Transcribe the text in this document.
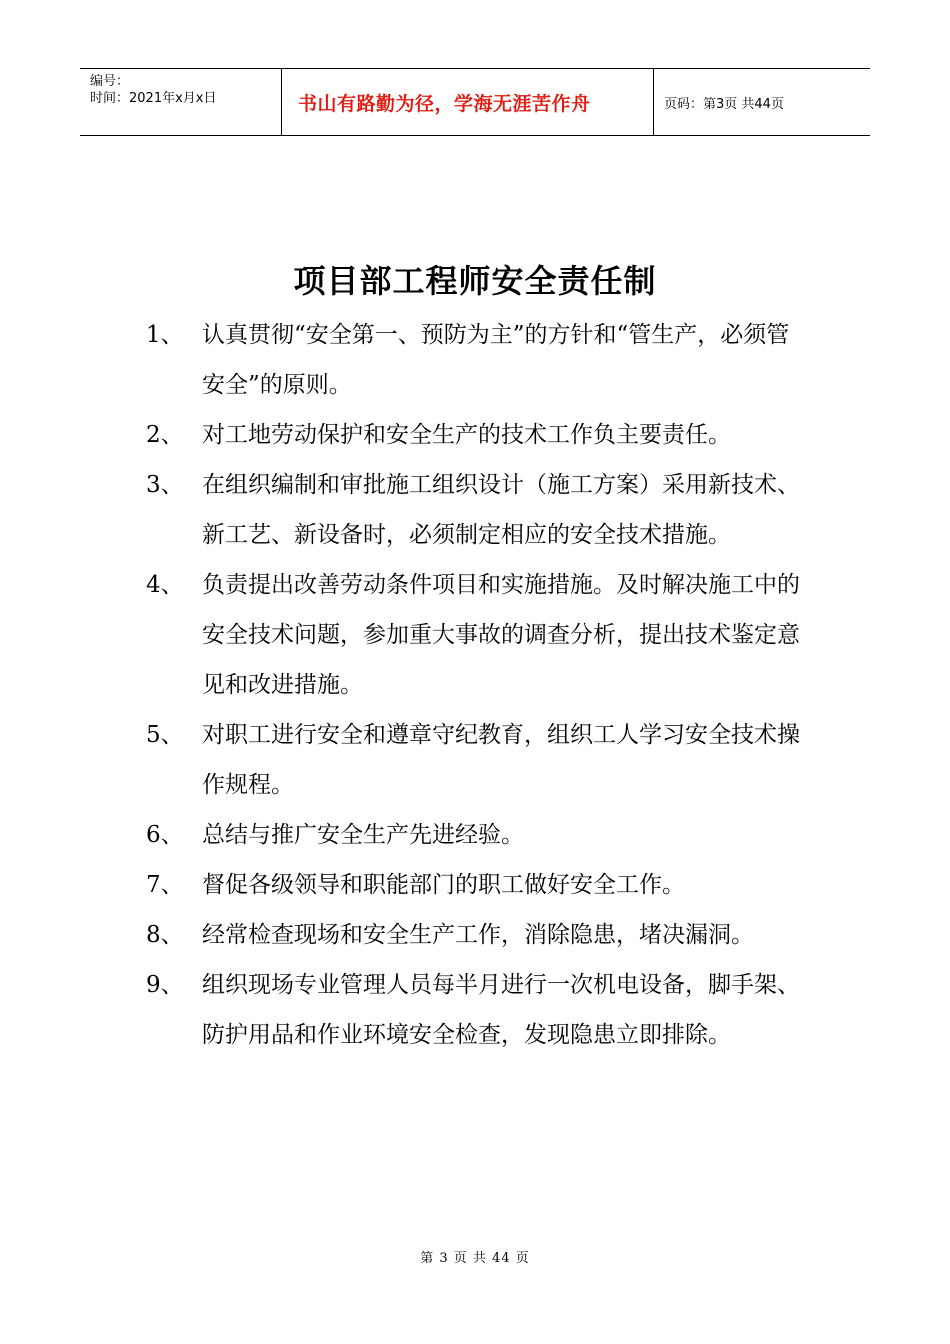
编号：
时间：2021年x月x日	书山有路勤为径，学海无涯苦作舟	页码：第3页 共44页
项目部工程师安全责任制
1、 认真贯彻“安全第一、预防为主”的方针和“管生产，必须管安全”的原则。
2、 对工地劳动保护和安全生产的技术工作负主要责任。
3、 在组织编制和审批施工组织设计（施工方案）采用新技术、新工艺、新设备时，必须制定相应的安全技术措施。
4、 负责提出改善劳动条件项目和实施措施。及时解决施工中的安全技术问题，参加重大事故的调查分析，提出技术鉴定意见和改进措施。
5、 对职工进行安全和遵章守纪教育，组织工人学习安全技术操作规程。
6、 总结与推广安全生产先进经验。
7、 督促各级领导和职能部门的职工做好安全工作。
8、 经常检查现场和安全生产工作，消除隐患，堵决漏洞。
9、 组织现场专业管理人员每半月进行一次机电设备，脚手架、防护用品和作业环境安全检查，发现隐患立即排除。
第 3 页 共 44 页
